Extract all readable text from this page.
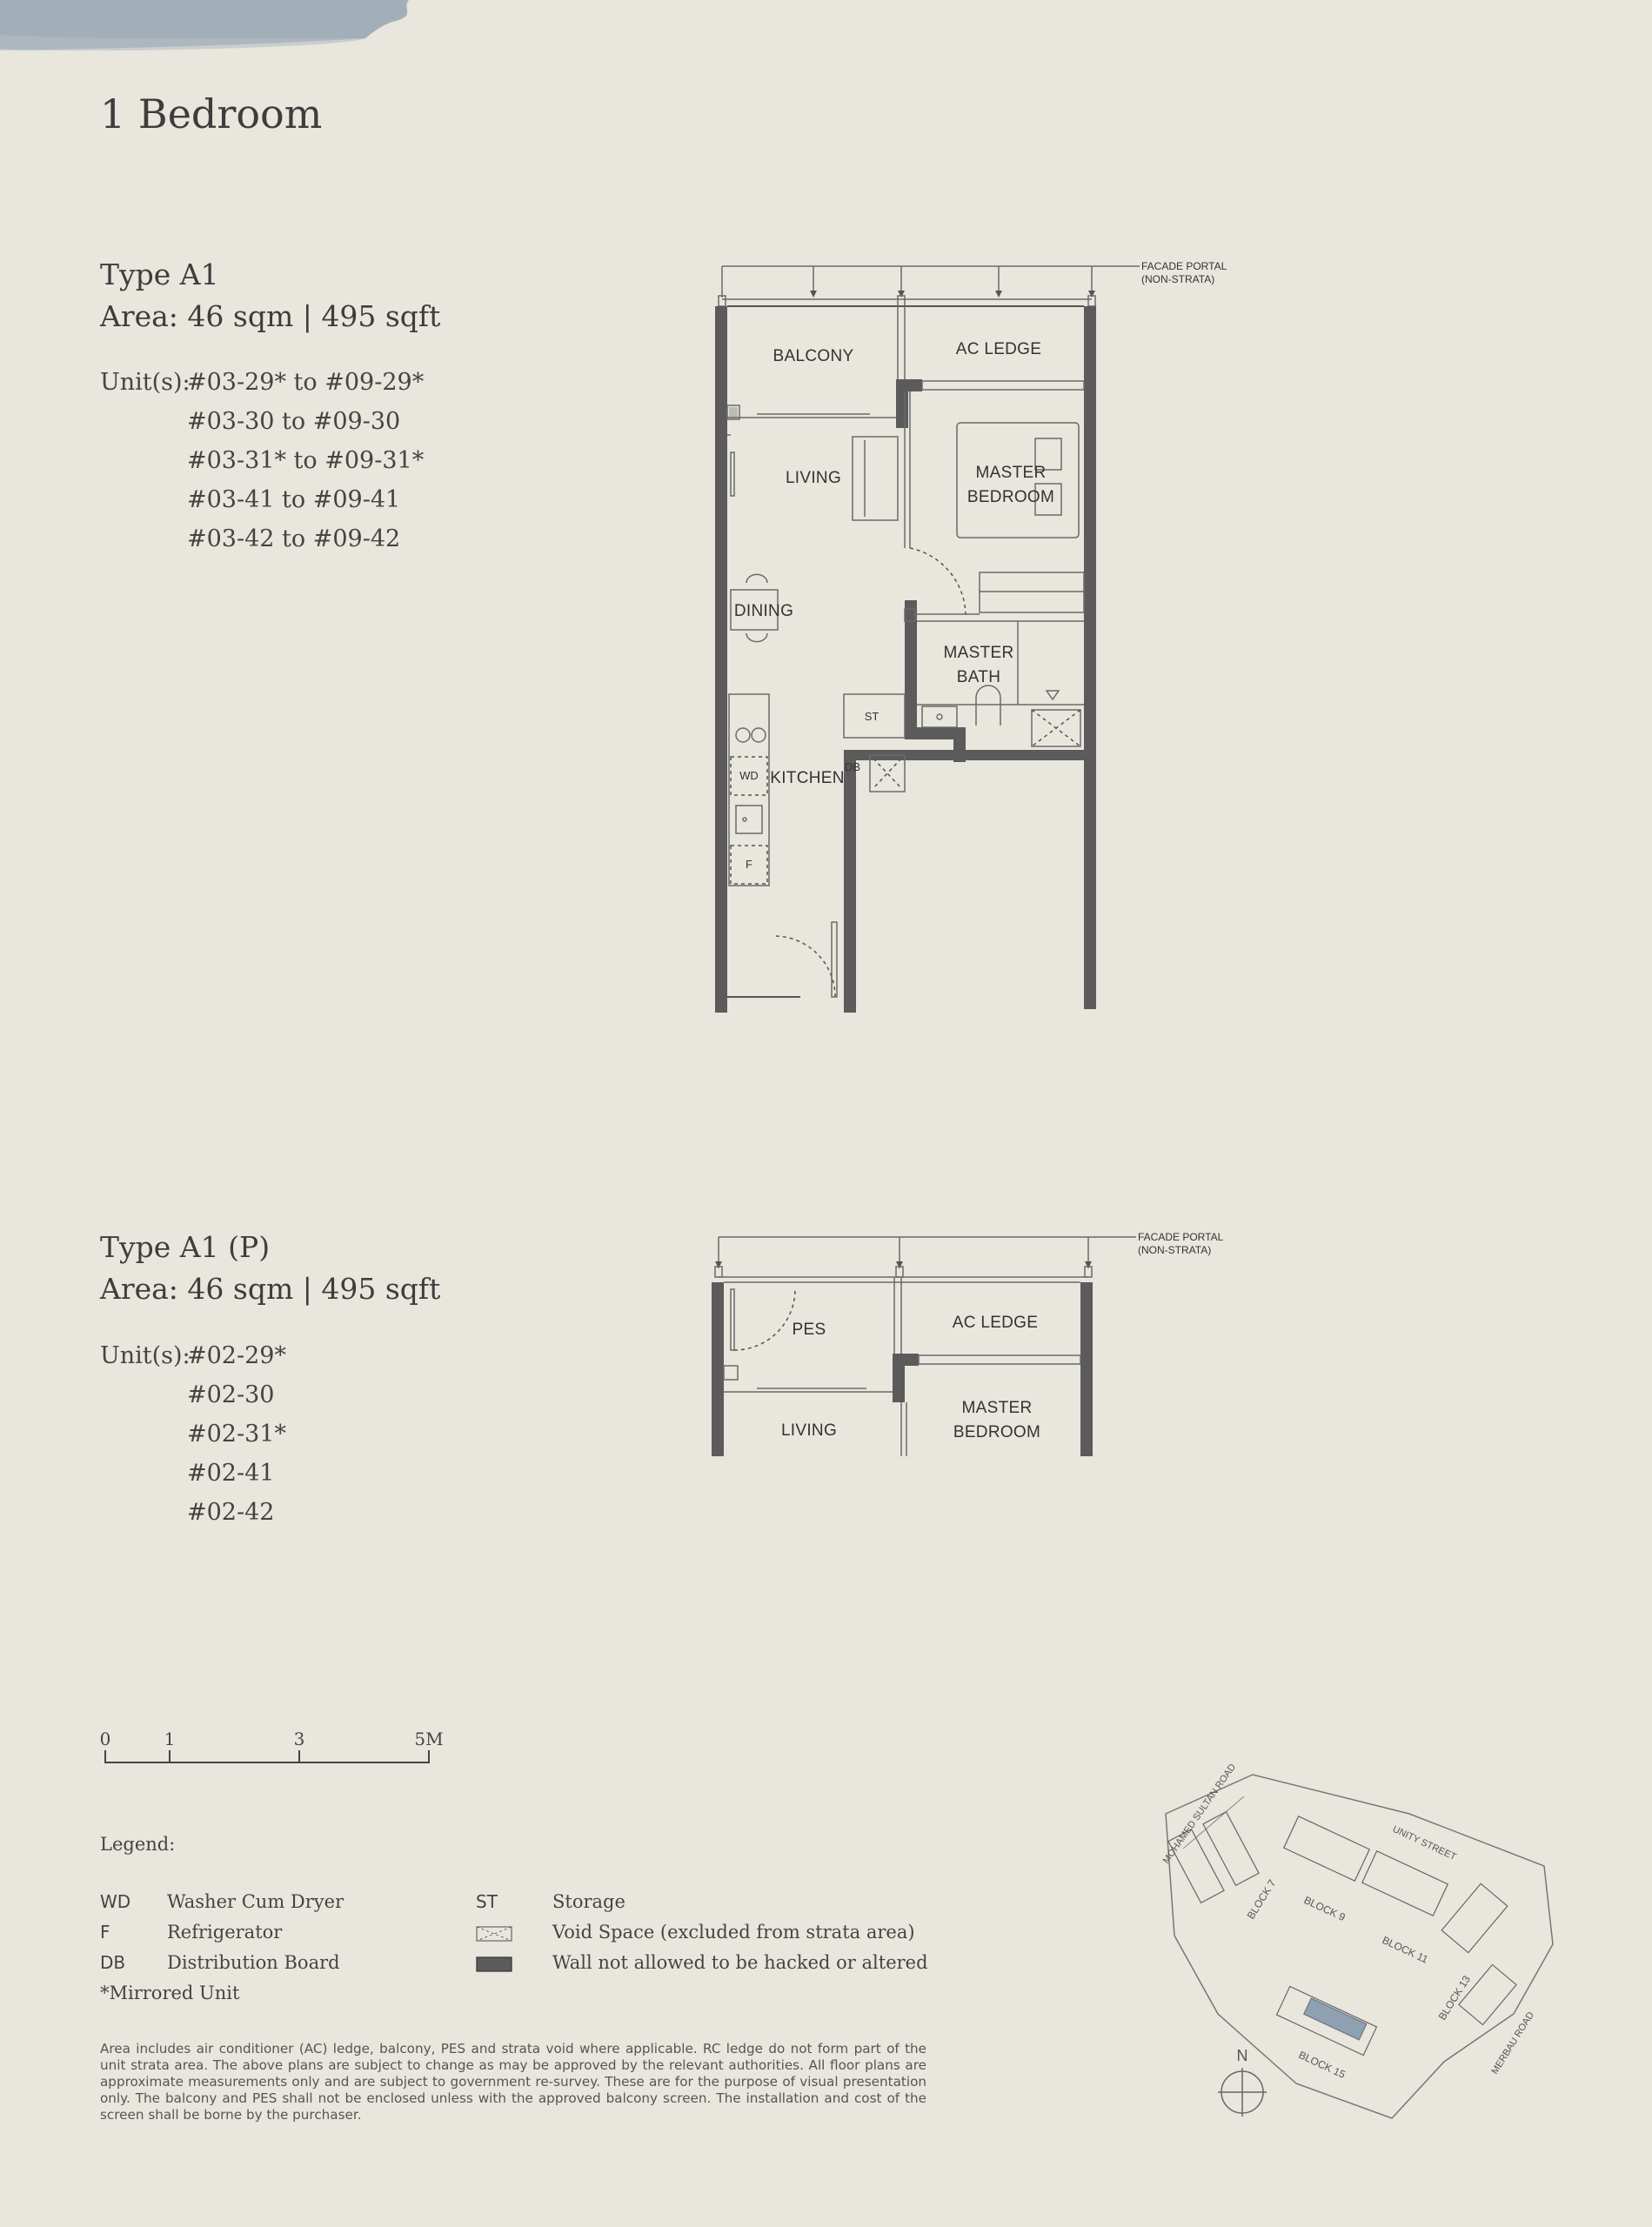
1 Bedroom
Type A1
Area: 46 sqm | 495 sqft
Unit(s):
#03-29* to #09-29*
#03-30 to #09-30
#03-31* to #09-31*
#03-41 to #09-41
#03-42 to #09-42
FACADE PORTAL
(NON-STRATA)
BALCONY	AC LEDGE
LIVING	MASTER
BEDROOM
DINING
MASTER
BATH
ST
DB
WD KITCHEN
F
Type A1 (P)
Area: 46 sqm | 495 sqft
Unit(s):
#02-29*
#02-30
#02-31*
#02-41
#02-42
FACADE PORTAL
(NON-STRATA)
PES	AC LEDGE
LIVING
MASTER
BEDROOM
0	1	3	5M
Legend:
WD Washer Cum Dryer
F	Refrigerator
DB Distribution Board
ST	Storage
Void Space (excluded from strata area)
Wall not allowed to be hacked or altered
*Mirrored Unit
Area includes air conditioner (AC) ledge, balcony, PES and strata void where applicable. RC ledge do not form part of the unit strata area. The above plans are subject to change as may be approved by the relevant authorities. All floor plans are approximate measurements only and are subject to government re-survey. These are for the purpose of visual presentation only. The balcony and PES shall not be enclosed unless with the approved balcony screen. The installation and cost of the screen shall be borne by the purchaser.
MOHAMED SULTAN ROAD	UNITY STREET
MERBAU ROAD
BLOCK 7 BLOCK 9
BLOCK 11
BLOCK 13
BLOCK 15
N
